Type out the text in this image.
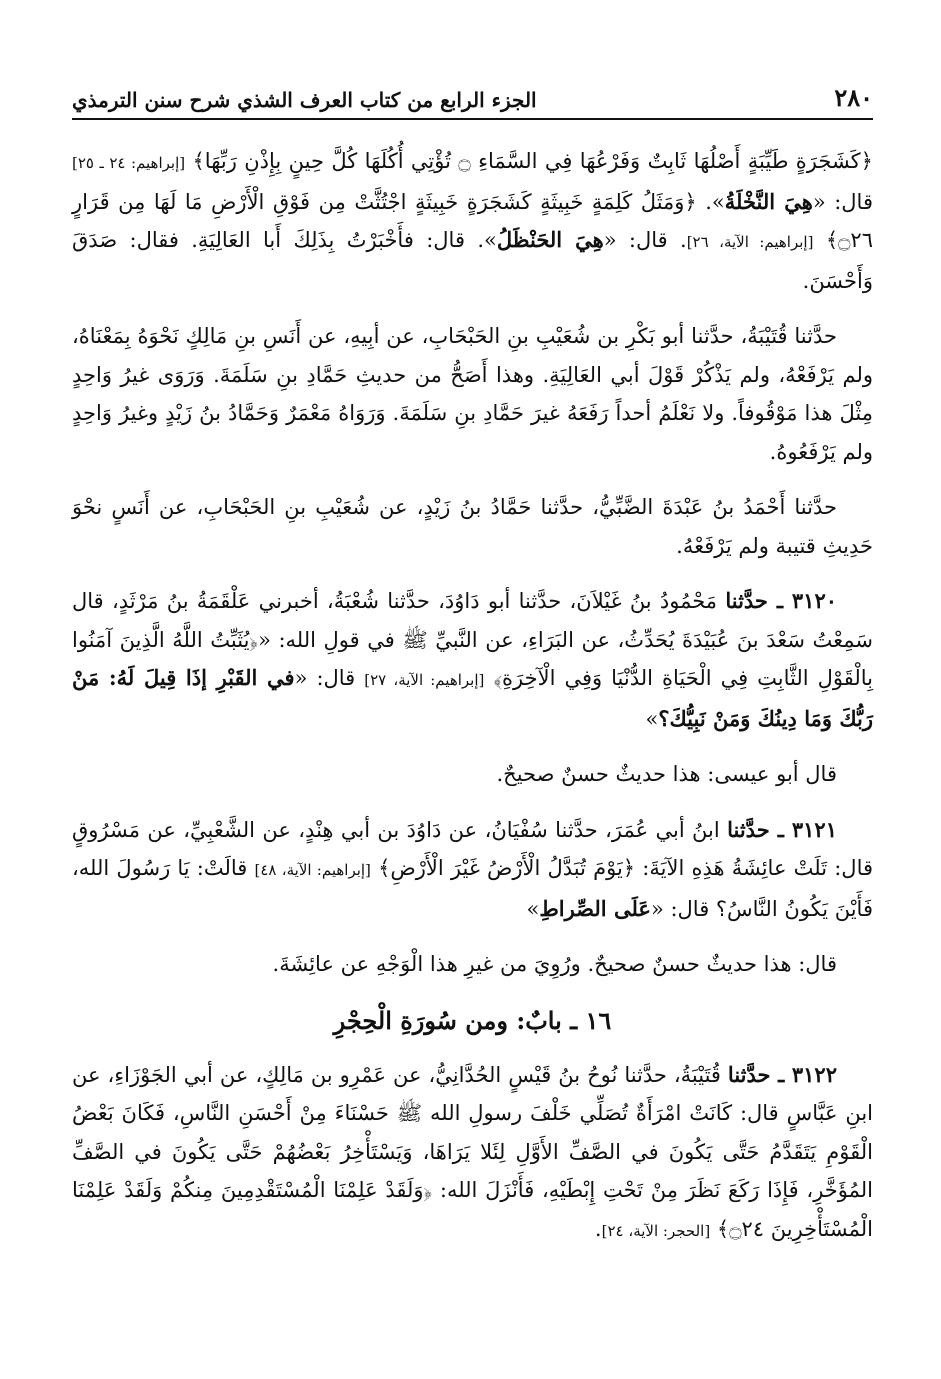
٢٨٠
الجزء الرابع من كتاب العرف الشذي شرح سنن الترمذي

﴿كَشَجَرَةٍ طَيِّبَةٍ أَصْلُهَا ثَابِتٌ وَفَرْعُهَا فِي السَّمَاءِ ۝ تُؤْتِي أُكُلَهَا كُلَّ حِينٍ بِإِذْنِ رَبِّهَا﴾ [إبراهيم: ٢٤ ـ ٢٥] قال: «هِيَ النَّخْلَةُ». ﴿وَمَثَلُ كَلِمَةٍ خَبِيثَةٍ كَشَجَرَةٍ خَبِيثَةٍ اجْتُثَّتْ مِن فَوْقِ الْأَرْضِ مَا لَهَا مِن قَرَارٍ ۝٢٦﴾ [إبراهيم: الآية، ٢٦]. قال: «هِيَ الحَنْظَلُ». قال: فأَخْبَرْتُ بِذَلِكَ أَبا العَالِيَةِ. فقال: صَدَقَ وَأَحْسَنَ.

حدَّثنا قُتَيْبَةُ، حدَّثنا أبو بَكْرِ بن شُعَيْبِ بنِ الحَبْحَابِ، عن أبِيهِ، عن أَنَسِ بنِ مَالِكٍ نَحْوَهُ بِمَعْنَاهُ، ولم يَرْفَعْهُ، ولم يَذْكُرْ قَوْلَ أبي العَالِيَةِ. وهذا أَصَحُّ من حديثِ حَمَّادِ بنِ سَلَمَةَ. وَرَوَى غيرُ وَاحِدٍ مِثْلَ هذا مَوْقُوفاً. ولا نَعْلَمُ أحداً رَفَعَهُ غيرَ حَمَّادِ بنِ سَلَمَةَ. وَرَوَاهُ مَعْمَرٌ وَحَمَّادُ بنُ زَيْدٍ وغيرُ وَاحِدٍ ولم يَرْفَعُوهُ.

حدَّثنا أَحْمَدُ بنُ عَبْدَةَ الضَّبِّيُّ، حدَّثنا حَمَّادُ بنُ زَيْدٍ، عن شُعَيْبِ بنِ الحَبْحَابِ، عن أَنَسٍ نحْوَ حَدِيثِ قتيبة ولم يَرْفَعْهُ.

٣١٢٠ ـ حدَّثنا مَحْمُودُ بنُ غَيْلاَنَ، حدَّثنا أبو دَاوُدَ، حدَّثنا شُعْبَةُ، أخبرني عَلْقَمَةُ بنُ مَرْثَدٍ، قال سَمِعْتُ سَعْدَ بنَ عُبَيْدَةَ يُحَدِّثُ، عن البَرَاءِ، عن النَّبيِّ ﷺ في قولِ الله: «﴿يُثَبِّتُ اللَّهُ الَّذِينَ آمَنُوا بِالْقَوْلِ الثَّابِتِ فِي الْحَيَاةِ الدُّنْيَا وَفِي الْآخِرَةِ﴾ [إبراهيم: الآية، ٢٧] قال: «في القَبْرِ إذَا قِيلَ لَهُ: مَنْ رَبُّكَ وَمَا دِينُكَ وَمَنْ نَبِيُّكَ؟»

قال أبو عيسى: هذا حديثٌ حسنٌ صحيحٌ.

٣١٢١ ـ حدَّثنا ابنُ أبي عُمَرَ، حدَّثنا سُفْيَانُ، عن دَاوُدَ بن أبي هِنْدٍ، عن الشَّعْبِيِّ، عن مَسْرُوقٍ قال: تَلَتْ عائِشَةُ هَذِهِ الآيَةَ: ﴿يَوْمَ تُبَدَّلُ الْأَرْضُ غَيْرَ الْأَرْضِ﴾ [إبراهيم: الآية، ٤٨] قالَتْ: يَا رَسُولَ الله، فَأَيْنَ يَكُونُ النَّاسُ؟ قال: «عَلَى الصِّراطِ»

قال: هذا حديثٌ حسنٌ صحيحٌ. ورُوِيَ من غيرِ هذا الْوَجْهِ عن عائِشَةَ.

١٦ ـ بابٌ: ومن سُورَةِ الْحِجْرِ

٣١٢٢ ـ حدَّثنا قُتَيْبَةُ، حدَّثنا نُوحُ بنُ قَيْسٍ الحُدَّانِيُّ، عن عَمْرِو بن مَالِكٍ، عن أبي الجَوْزَاءِ، عن ابنِ عَبَّاسٍ قال: كَانَتْ امْرَأَةٌ تُصَلِّي خَلْفَ رسولِ الله ﷺ حَسْنَاءَ مِنْ أَحْسَنِ النَّاسِ، فَكَانَ بَعْضُ الْقَوْمِ يَتَقَدَّمُ حَتَّى يَكُونَ في الصَّفِّ الأَوَّلِ لِئَلا يَرَاهَا، وَيَسْتَأْخِرُ بَعْضُهُمْ حَتَّى يَكُونَ في الصَّفِّ المُؤَخَّرِ، فَإِذَا رَكَعَ نَظَرَ مِنْ تَحْتِ إِبْطَيْهِ، فَأَنْزَلَ الله: ﴿وَلَقَدْ عَلِمْنَا الْمُسْتَقْدِمِينَ مِنكُمْ وَلَقَدْ عَلِمْنَا الْمُسْتَأْخِرِينَ ۝٢٤﴾ [الحجر: الآية، ٢٤].
